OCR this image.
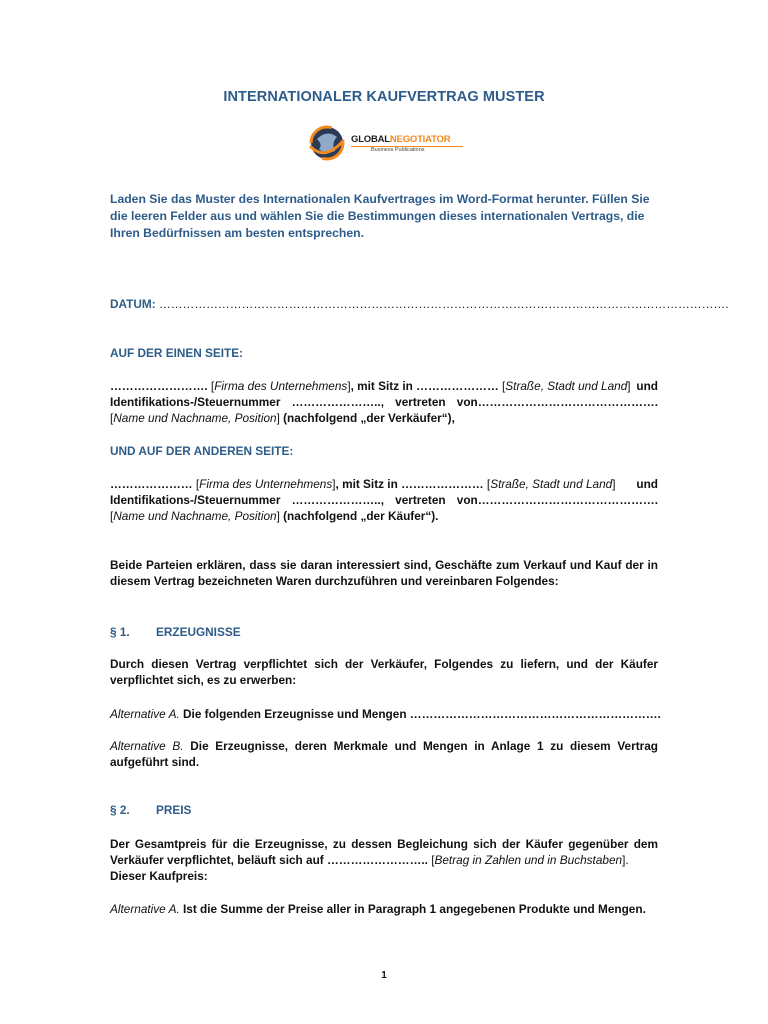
INTERNATIONALER KAUFVERTRAG MUSTER
GLOBALNEGOTIATOR
Business Publications
Laden Sie das Muster des Internationalen Kaufvertrages im Word-Format herunter. Füllen Sie die leeren Felder aus und wählen Sie die Bestimmungen dieses internationalen Vertrags, die Ihren Bedürfnissen am besten entsprechen.
DATUM: ……………………………………………………………………………………………………………………………….
AUF DER EINEN SEITE:
……………………. [Firma des Unternehmens], mit Sitz in ………………… [Straße, Stadt und Land] und
Identifikations-/Steuernummer ………………….., vertreten von……………………………………….
[Name und Nachname, Position] (nachfolgend „der Verkäufer“),
UND AUF DER ANDEREN SEITE:
………………… [Firma des Unternehmens], mit Sitz in ………………… [Straße, Stadt und Land] und
Identifikations-/Steuernummer ………………….., vertreten von……………………………………….
[Name und Nachname, Position] (nachfolgend „der Käufer“).
Beide Parteien erklären, dass sie daran interessiert sind, Geschäfte zum Verkauf und Kauf der in diesem Vertrag bezeichneten Waren durchzuführen und vereinbaren Folgendes:
§ 1. ERZEUGNISSE
Durch diesen Vertrag verpflichtet sich der Verkäufer, Folgendes zu liefern, und der Käufer verpflichtet sich, es zu erwerben:
Alternative A. Die folgenden Erzeugnisse und Mengen ……………………………………………………….
Alternative B. Die Erzeugnisse, deren Merkmale und Mengen in Anlage 1 zu diesem Vertrag aufgeführt sind.
§ 2. PREIS
Der Gesamtpreis für die Erzeugnisse, zu dessen Begleichung sich der Käufer gegenüber dem Verkäufer verpflichtet, beläuft sich auf …………………….. [Betrag in Zahlen und in Buchstaben].
Dieser Kaufpreis:
Alternative A. Ist die Summe der Preise aller in Paragraph 1 angegebenen Produkte und Mengen.
1
